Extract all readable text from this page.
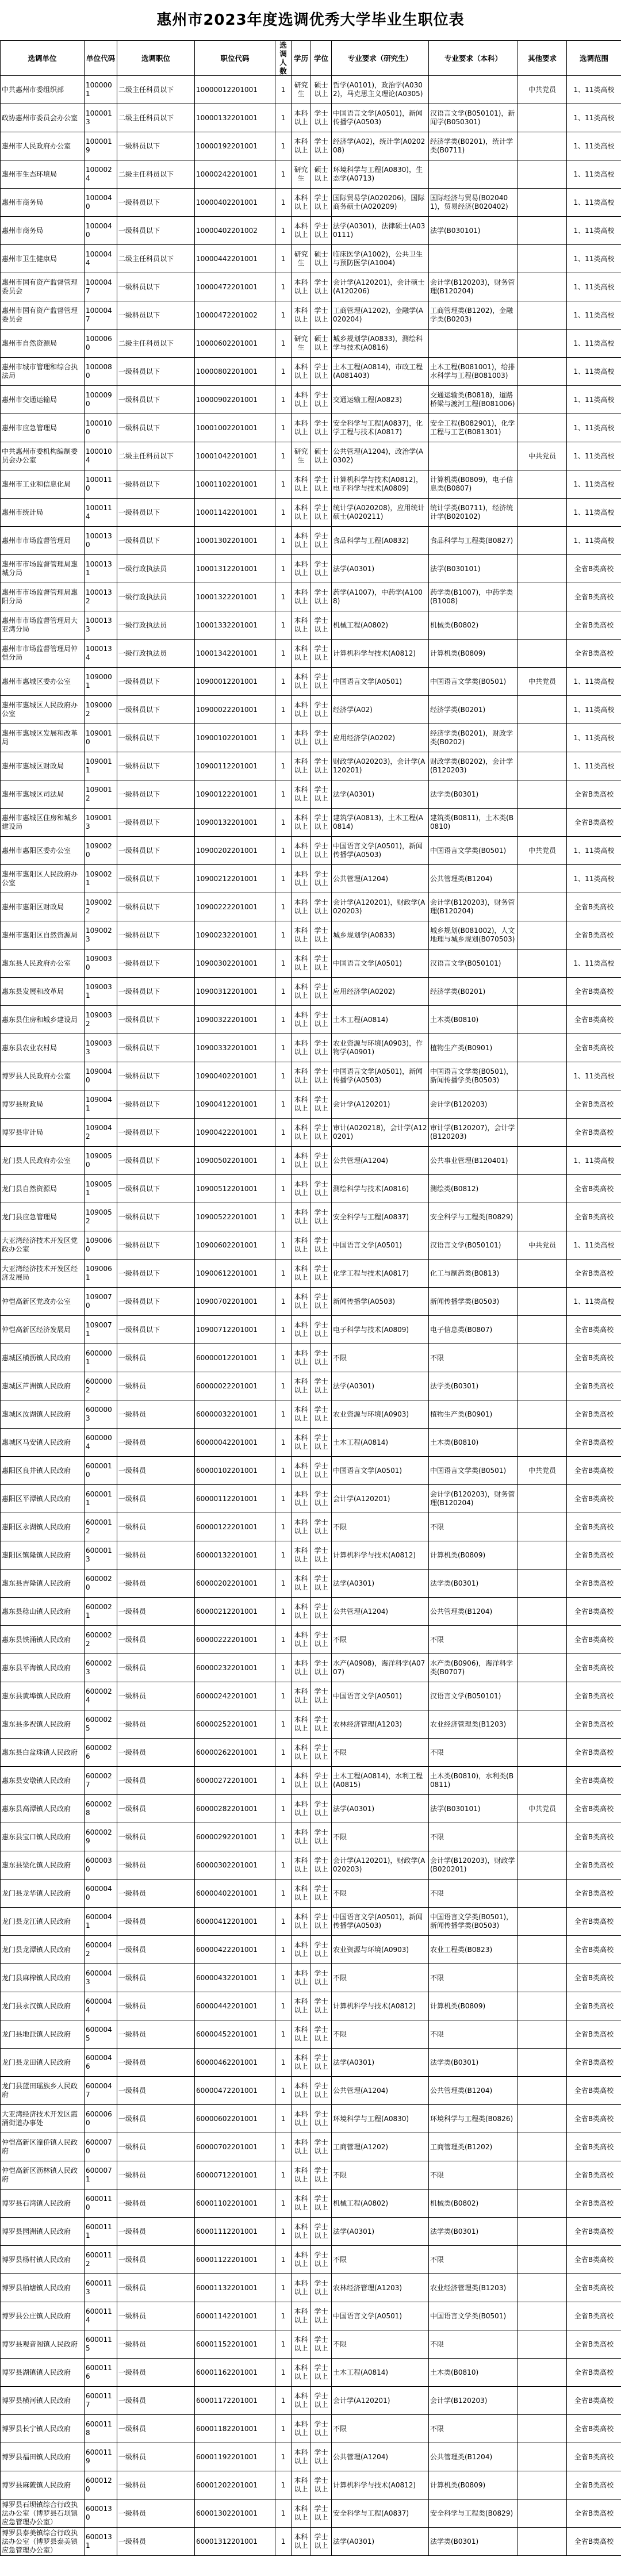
惠州市2023年度选调优秀大学毕业生职位表
选调单位	单位代码	选调职位	职位代码	选调人数	学历	学位	专业要求（研究生）	专业要求（本科）	其他要求	选调范围

中共惠州市委组织部	1000001	二级主任科员以下	10000012201001	1	研究生	硕士以上	哲学(A0101)，政治学(A0302)，马克思主义理论(A0305)		中共党员	1、11类高校

政协惠州市委员会办公室	1000013	二级主任科员以下	10000132201001	1	本科以上	学士以上	中国语言文学(A0501)，新闻传播学(A0503)	汉语言文学(B050101)，新闻学(B050301)		1、11类高校

惠州市人民政府办公室	1000019	一级科员以下	10000192201001	1	本科以上	学士以上	经济学(A02)，统计学(A020208)	经济学类(B0201)，统计学类(B0711)		1、11类高校

惠州市生态环境局	1000024	二级主任科员以下	10000242201001	1	研究生	硕士以上	环境科学与工程(A0830)，生态学(A0713)			1、11类高校

惠州市商务局	1000040	一级科员以下	10000402201001	1	本科以上	学士以上	国际贸易学(A020206)，国际商务硕士(A020209)	国际经济与贸易(B020401)，贸易经济(B020402)		1、11类高校

惠州市商务局	1000040	一级科员以下	10000402201002	1	本科以上	学士以上	法学(A0301)，法律硕士(A030111)	法学(B030101)		1、11类高校

惠州市卫生健康局	1000044	二级主任科员以下	10000442201001	1	研究生	硕士以上	临床医学(A1002)，公共卫生与预防医学(A1004)			1、11类高校

惠州市国有资产监督管理委员会	1000047	一级科员以下	10000472201001	1	本科以上	学士以上	会计学(A120201)，会计硕士(A120206)	会计学(B120203)，财务管理(B120204)		1、11类高校

惠州市国有资产监督管理委员会	1000047	一级科员以下	10000472201002	1	本科以上	学士以上	工商管理(A1202)，金融学(A020204)	工商管理类(B1202)，金融学类(B0203)		1、11类高校

惠州市自然资源局	1000060	二级主任科员以下	10000602201001	1	研究生	硕士以上	城乡规划学(A0833)，测绘科学与技术(A0816)			1、11类高校

惠州市城市管理和综合执法局	1000080	一级科员以下	10000802201001	1	本科以上	学士以上	土木工程(A0814)，市政工程(A081403)	土木工程(B081001)，给排水科学与工程(B081003)		1、11类高校

惠州市交通运输局	1000090	一级科员以下	10000902201001	1	本科以上	学士以上	交通运输工程(A0823)	交通运输类(B0818)，道路桥梁与渡河工程(B081006)		1、11类高校

惠州市应急管理局	1000100	一级科员以下	10001002201001	1	本科以上	学士以上	安全科学与工程(A0837)，化学工程与技术(A0817)	安全工程(B082901)，化学工程与工艺(B081301)		1、11类高校

中共惠州市委机构编制委员会办公室	1000104	二级主任科员以下	10001042201001	1	研究生	硕士以上	公共管理(A1204)，政治学(A0302)		中共党员	1、11类高校

惠州市工业和信息化局	1000110	一级科员以下	10001102201001	1	本科以上	学士以上	计算机科学与技术(A0812)，电子科学与技术(A0809)	计算机类(B0809)，电子信息类(B0807)		1、11类高校

惠州市统计局	1000114	一级科员以下	10001142201001	1	本科以上	学士以上	统计学(A020208)，应用统计硕士(A020211)	统计学类(B0711)，经济统计学(B020102)		1、11类高校

惠州市市场监督管理局	1000130	一级科员以下	10001302201001	1	本科以上	学士以上	食品科学与工程(A0832)	食品科学与工程类(B0827)		1、11类高校

惠州市市场监督管理局惠城分局	1000131	一级行政执法员	10001312201001	1	本科以上	学士以上	法学(A0301)	法学(B030101)		全省B类高校

惠州市市场监督管理局惠阳分局	1000132	一级行政执法员	10001322201001	1	本科以上	学士以上	药学(A1007)，中药学(A1008)	药学类(B1007)，中药学类(B1008)		全省B类高校

惠州市市场监督管理局大亚湾分局	1000133	一级行政执法员	10001332201001	1	本科以上	学士以上	机械工程(A0802)	机械类(B0802)		全省B类高校

惠州市市场监督管理局仲恺分局	1000134	一级行政执法员	10001342201001	1	本科以上	学士以上	计算机科学与技术(A0812)	计算机类(B0809)		全省B类高校

惠州市惠城区委办公室	1090001	一级科员以下	10900012201001	1	本科以上	学士以上	中国语言文学(A0501)	中国语言文学类(B0501)	中共党员	1、11类高校

惠州市惠城区人民政府办公室	1090002	一级科员以下	10900022201001	1	本科以上	学士以上	经济学(A02)	经济学类(B0201)		1、11类高校

惠州市惠城区发展和改革局	1090010	一级科员以下	10900102201001	1	本科以上	学士以上	应用经济学(A0202)	经济学类(B0201)，财政学类(B0202)		1、11类高校

惠州市惠城区财政局	1090011	一级科员以下	10900112201001	1	本科以上	学士以上	财政学(A020203)，会计学(A120201)	财政学类(B0202)，会计学(B120203)		1、11类高校

惠州市惠城区司法局	1090012	一级科员以下	10900122201001	1	本科以上	学士以上	法学(A0301)	法学类(B0301)		全省B类高校

惠州市惠城区住房和城乡建设局	1090013	一级科员以下	10900132201001	1	本科以上	学士以上	建筑学(A0813)，土木工程(A0814)	建筑类(B0811)，土木类(B0810)		全省B类高校

惠州市惠阳区委办公室	1090020	一级科员以下	10900202201001	1	本科以上	学士以上	中国语言文学(A0501)，新闻传播学(A0503)	中国语言文学类(B0501)	中共党员	1、11类高校

惠州市惠阳区人民政府办公室	1090021	一级科员以下	10900212201001	1	本科以上	学士以上	公共管理(A1204)	公共管理类(B1204)		1、11类高校

惠州市惠阳区财政局	1090022	一级科员以下	10900222201001	1	本科以上	学士以上	会计学(A120201)，财政学(A020203)	会计学(B120203)，财务管理(B120204)		全省B类高校

惠州市惠阳区自然资源局	1090023	一级科员以下	10900232201001	1	本科以上	学士以上	城乡规划学(A0833)	城乡规划(B081002)，人文地理与城乡规划(B070503)		全省B类高校

惠东县人民政府办公室	1090030	一级科员以下	10900302201001	1	本科以上	学士以上	中国语言文学(A0501)	汉语言文学(B050101)		1、11类高校

惠东县发展和改革局	1090031	一级科员以下	10900312201001	1	本科以上	学士以上	应用经济学(A0202)	经济学类(B0201)		全省B类高校

惠东县住房和城乡建设局	1090032	一级科员以下	10900322201001	1	本科以上	学士以上	土木工程(A0814)	土木类(B0810)		全省B类高校

惠东县农业农村局	1090033	一级科员以下	10900332201001	1	本科以上	学士以上	农业资源与环境(A0903)，作物学(A0901)	植物生产类(B0901)		全省B类高校

博罗县人民政府办公室	1090040	一级科员以下	10900402201001	1	本科以上	学士以上	中国语言文学(A0501)，新闻传播学(A0503)	中国语言文学类(B0501)，新闻传播学类(B0503)		1、11类高校

博罗县财政局	1090041	一级科员以下	10900412201001	1	本科以上	学士以上	会计学(A120201)	会计学(B120203)		全省B类高校

博罗县审计局	1090042	一级科员以下	10900422201001	1	本科以上	学士以上	审计(A020218)，会计学(A120201)	审计学(B120207)，会计学(B120203)		全省B类高校

龙门县人民政府办公室	1090050	一级科员以下	10900502201001	1	本科以上	学士以上	公共管理(A1204)	公共事业管理(B120401)		1、11类高校

龙门县自然资源局	1090051	一级科员以下	10900512201001	1	本科以上	学士以上	测绘科学与技术(A0816)	测绘类(B0812)		全省B类高校

龙门县应急管理局	1090052	一级科员以下	10900522201001	1	本科以上	学士以上	安全科学与工程(A0837)	安全科学与工程类(B0829)		全省B类高校

大亚湾经济技术开发区党政办公室	1090060	一级科员以下	10900602201001	1	本科以上	学士以上	中国语言文学(A0501)	汉语言文学(B050101)	中共党员	1、11类高校

大亚湾经济技术开发区经济发展局	1090061	一级科员以下	10900612201001	1	本科以上	学士以上	化学工程与技术(A0817)	化工与制药类(B0813)		全省B类高校

仲恺高新区党政办公室	1090070	一级科员以下	10900702201001	1	本科以上	学士以上	新闻传播学(A0503)	新闻传播学类(B0503)		1、11类高校

仲恺高新区经济发展局	1090071	一级科员以下	10900712201001	1	本科以上	学士以上	电子科学与技术(A0809)	电子信息类(B0807)		全省B类高校

惠城区横沥镇人民政府	6000001	一级科员	60000012201001	1	本科以上	学士以上	不限	不限		全省B类高校

惠城区芦洲镇人民政府	6000002	一级科员	60000022201001	1	本科以上	学士以上	法学(A0301)	法学类(B0301)		全省B类高校

惠城区汝湖镇人民政府	6000003	一级科员	60000032201001	1	本科以上	学士以上	农业资源与环境(A0903)	植物生产类(B0901)		全省B类高校

惠城区马安镇人民政府	6000004	一级科员	60000042201001	1	本科以上	学士以上	土木工程(A0814)	土木类(B0810)		全省B类高校

惠阳区良井镇人民政府	6000010	一级科员	60000102201001	1	本科以上	学士以上	中国语言文学(A0501)	中国语言文学类(B0501)	中共党员	全省B类高校

惠阳区平潭镇人民政府	6000011	一级科员	60000112201001	1	本科以上	学士以上	会计学(A120201)	会计学(B120203)，财务管理(B120204)		全省B类高校

惠阳区永湖镇人民政府	6000012	一级科员	60000122201001	1	本科以上	学士以上	不限	不限		全省B类高校

惠阳区镇隆镇人民政府	6000013	一级科员	60000132201001	1	本科以上	学士以上	计算机科学与技术(A0812)	计算机类(B0809)		全省B类高校

惠东县吉隆镇人民政府	6000020	一级科员	60000202201001	1	本科以上	学士以上	法学(A0301)	法学类(B0301)		全省B类高校

惠东县稔山镇人民政府	6000021	一级科员	60000212201001	1	本科以上	学士以上	公共管理(A1204)	公共管理类(B1204)		全省B类高校

惠东县铁涌镇人民政府	6000022	一级科员	60000222201001	1	本科以上	学士以上	不限	不限		全省B类高校

惠东县平海镇人民政府	6000023	一级科员	60000232201001	1	本科以上	学士以上	水产(A0908)，海洋科学(A0707)	水产类(B0906)，海洋科学类(B0707)		全省B类高校

惠东县黄埠镇人民政府	6000024	一级科员	60000242201001	1	本科以上	学士以上	中国语言文学(A0501)	汉语言文学(B050101)		全省B类高校

惠东县多祝镇人民政府	6000025	一级科员	60000252201001	1	本科以上	学士以上	农林经济管理(A1203)	农业经济管理类(B1203)		全省B类高校

惠东县白盆珠镇人民政府	6000026	一级科员	60000262201001	1	本科以上	学士以上	不限	不限		全省B类高校

惠东县安墩镇人民政府	6000027	一级科员	60000272201001	1	本科以上	学士以上	土木工程(A0814)，水利工程(A0815)	土木类(B0810)，水利类(B0811)		全省B类高校

惠东县高潭镇人民政府	6000028	一级科员	60000282201001	1	本科以上	学士以上	法学(A0301)	法学(B030101)	中共党员	全省B类高校

惠东县宝口镇人民政府	6000029	一级科员	60000292201001	1	本科以上	学士以上	不限	不限		全省B类高校

惠东县梁化镇人民政府	6000030	一级科员	60000302201001	1	本科以上	学士以上	会计学(A120201)，财政学(A020203)	会计学(B120203)，财政学(B020201)		全省B类高校

龙门县龙华镇人民政府	6000040	一级科员	60000402201001	1	本科以上	学士以上	不限	不限		全省B类高校

龙门县龙江镇人民政府	6000041	一级科员	60000412201001	1	本科以上	学士以上	中国语言文学(A0501)，新闻传播学(A0503)	中国语言文学类(B0501)，新闻传播学类(B0503)		全省B类高校

龙门县龙潭镇人民政府	6000042	一级科员	60000422201001	1	本科以上	学士以上	农业资源与环境(A0903)	农业工程类(B0823)		全省B类高校

龙门县麻榨镇人民政府	6000043	一级科员	60000432201001	1	本科以上	学士以上	不限	不限		全省B类高校

龙门县永汉镇人民政府	6000044	一级科员	60000442201001	1	本科以上	学士以上	计算机科学与技术(A0812)	计算机类(B0809)		全省B类高校

龙门县地派镇人民政府	6000045	一级科员	60000452201001	1	本科以上	学士以上	不限	不限		全省B类高校

龙门县龙田镇人民政府	6000046	一级科员	60000462201001	1	本科以上	学士以上	法学(A0301)	法学类(B0301)		全省B类高校

龙门县蓝田瑶族乡人民政府	6000047	一级科员	60000472201001	1	本科以上	学士以上	公共管理(A1204)	公共管理类(B1204)		全省B类高校

大亚湾经济技术开发区霞涌街道办事处	6000060	一级科员	60000602201001	1	本科以上	学士以上	环境科学与工程(A0830)	环境科学与工程类(B0826)		全省B类高校

仲恺高新区潼侨镇人民政府	6000070	一级科员	60000702201001	1	本科以上	学士以上	工商管理(A1202)	工商管理类(B1202)		全省B类高校

仲恺高新区沥林镇人民政府	6000071	一级科员	60000712201001	1	本科以上	学士以上	不限	不限		全省B类高校

博罗县石湾镇人民政府	6000110	一级科员	60001102201001	1	本科以上	学士以上	机械工程(A0802)	机械类(B0802)		全省B类高校

博罗县园洲镇人民政府	6000111	一级科员	60001112201001	1	本科以上	学士以上	法学(A0301)	法学类(B0301)		全省B类高校

博罗县杨村镇人民政府	6000112	一级科员	60001122201001	1	本科以上	学士以上	不限	不限		全省B类高校

博罗县柏塘镇人民政府	6000113	一级科员	60001132201001	1	本科以上	学士以上	农林经济管理(A1203)	农业经济管理类(B1203)		全省B类高校

博罗县公庄镇人民政府	6000114	一级科员	60001142201001	1	本科以上	学士以上	中国语言文学(A0501)	中国语言文学类(B0501)		全省B类高校

博罗县观音阁镇人民政府	6000115	一级科员	60001152201001	1	本科以上	学士以上	不限	不限		全省B类高校

博罗县湖镇镇人民政府	6000116	一级科员	60001162201001	1	本科以上	学士以上	土木工程(A0814)	土木类(B0810)		全省B类高校

博罗县横河镇人民政府	6000117	一级科员	60001172201001	1	本科以上	学士以上	会计学(A120201)	会计学(B120203)		全省B类高校

博罗县长宁镇人民政府	6000118	一级科员	60001182201001	1	本科以上	学士以上	不限	不限		全省B类高校

博罗县福田镇人民政府	6000119	一级科员	60001192201001	1	本科以上	学士以上	公共管理(A1204)	公共管理类(B1204)		全省B类高校

博罗县麻陂镇人民政府	6000120	一级科员	60001202201001	1	本科以上	学士以上	计算机科学与技术(A0812)	计算机类(B0809)		全省B类高校

博罗县石坝镇综合行政执法办公室（博罗县石坝镇应急管理办公室）	6000130	一级科员	60001302201001	1	本科以上	学士以上	安全科学与工程(A0837)	安全科学与工程类(B0829)		全省B类高校

博罗县泰美镇综合行政执法办公室（博罗县泰美镇应急管理办公室）	6000131	一级科员	60001312201001	1	本科以上	学士以上	法学(A0301)	法学类(B0301)		全省B类高校
